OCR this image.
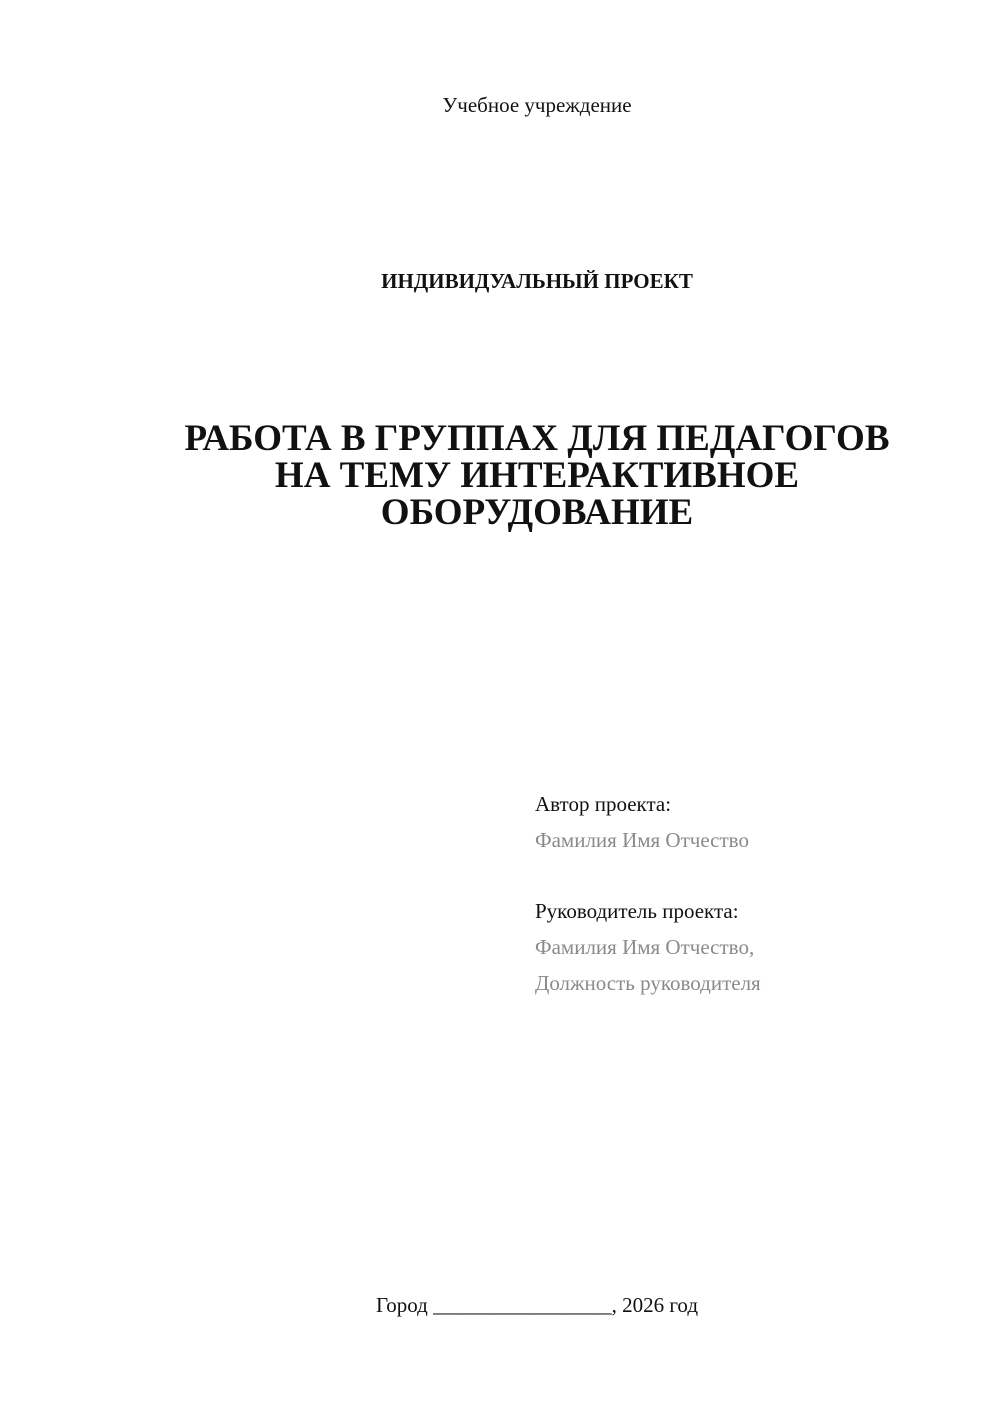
Учебное учреждение
ИНДИВИДУАЛЬНЫЙ ПРОЕКТ
РАБОТА В ГРУППАХ ДЛЯ ПЕДАГОГОВ
НА ТЕМУ ИНТЕРАКТИВНОЕ
ОБОРУДОВАНИЕ
Автор проекта:
Фамилия Имя Отчество
Руководитель проекта:
Фамилия Имя Отчество,
Должность руководителя
Город _________________, 2026 год
